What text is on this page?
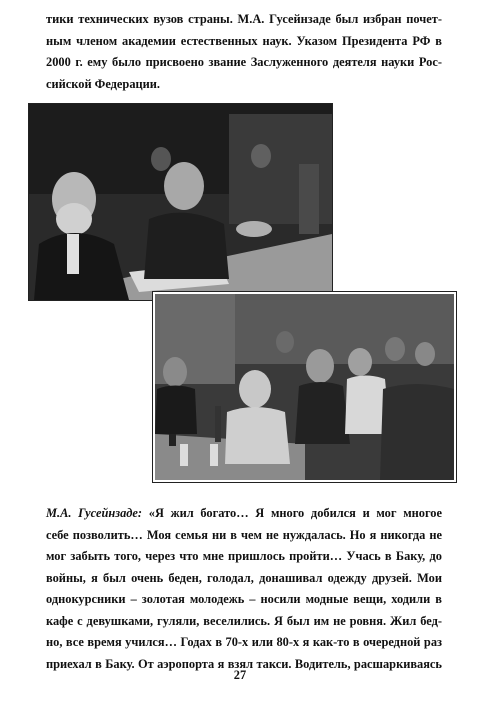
тики технических вузов страны. М.А. Гусейнзаде был избран почет-
ным членом академии естественных наук. Указом Президента РФ в
2000 г. ему было присвоено звание Заслуженного деятеля науки Рос-
сийской Федерации.
М.А. Гусейнзаде: «Я жил богато… Я много добился и мог многое
себе позволить… Моя семья ни в чем не нуждалась. Но я никогда не
мог забыть того, через что мне пришлось пройти… Учась в Баку, до
войны, я был очень беден, голодал, донашивал одежду друзей. Мои
однокурсники – золотая молодежь – носили модные вещи, ходили в
кафе с девушками, гуляли, веселились. Я был им не ровня. Жил бед-
но, все время учился… Годах в 70-х или 80-х я как-то в очередной раз
приехал в Баку. От аэропорта я взял такси. Водитель, расшаркиваясь
27
